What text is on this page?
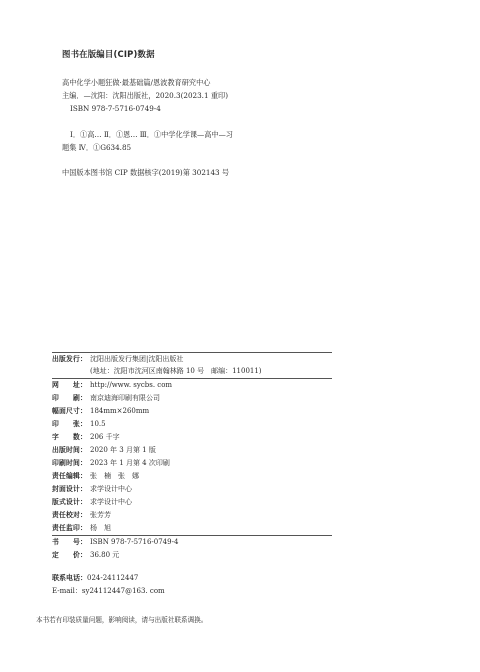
图书在版编目(CIP)数据
高中化学小题狂做·最基础篇/恩波教育研究中心
主编．—沈阳：沈阳出版社，2020.3(2023.1 重印)
ISBN 978-7-5716-0749-4
Ⅰ．①高… Ⅱ．①恩… Ⅲ．①中学化学课—高中—习
题集 Ⅳ．①G634.85
中国版本图书馆 CIP 数据核字(2019)第 302143 号
出版发行： 沈阳出版发行集团|沈阳出版社
(地址：沈阳市沈河区南翰林路 10 号　邮编：110011)
网　　址： http://www. sycbs. com
印　　刷： 南京迪海印刷有限公司
幅面尺寸： 184mm×260mm
印　　张： 10.5
字　　数： 206 千字
出版时间： 2020 年 3 月第 1 版
印刷时间： 2023 年 1 月第 4 次印刷
责任编辑： 张　楠　张　娜
封面设计： 求学设计中心
版式设计： 求学设计中心
责任校对： 张芳芳
责任监印： 杨　旭
书　　号： ISBN 978-7-5716-0749-4
定　　价： 36.80 元
联系电话：024-24112447
E-mail：sy24112447@163. com
本书若有印装质量问题，影响阅读，请与出版社联系调换。
